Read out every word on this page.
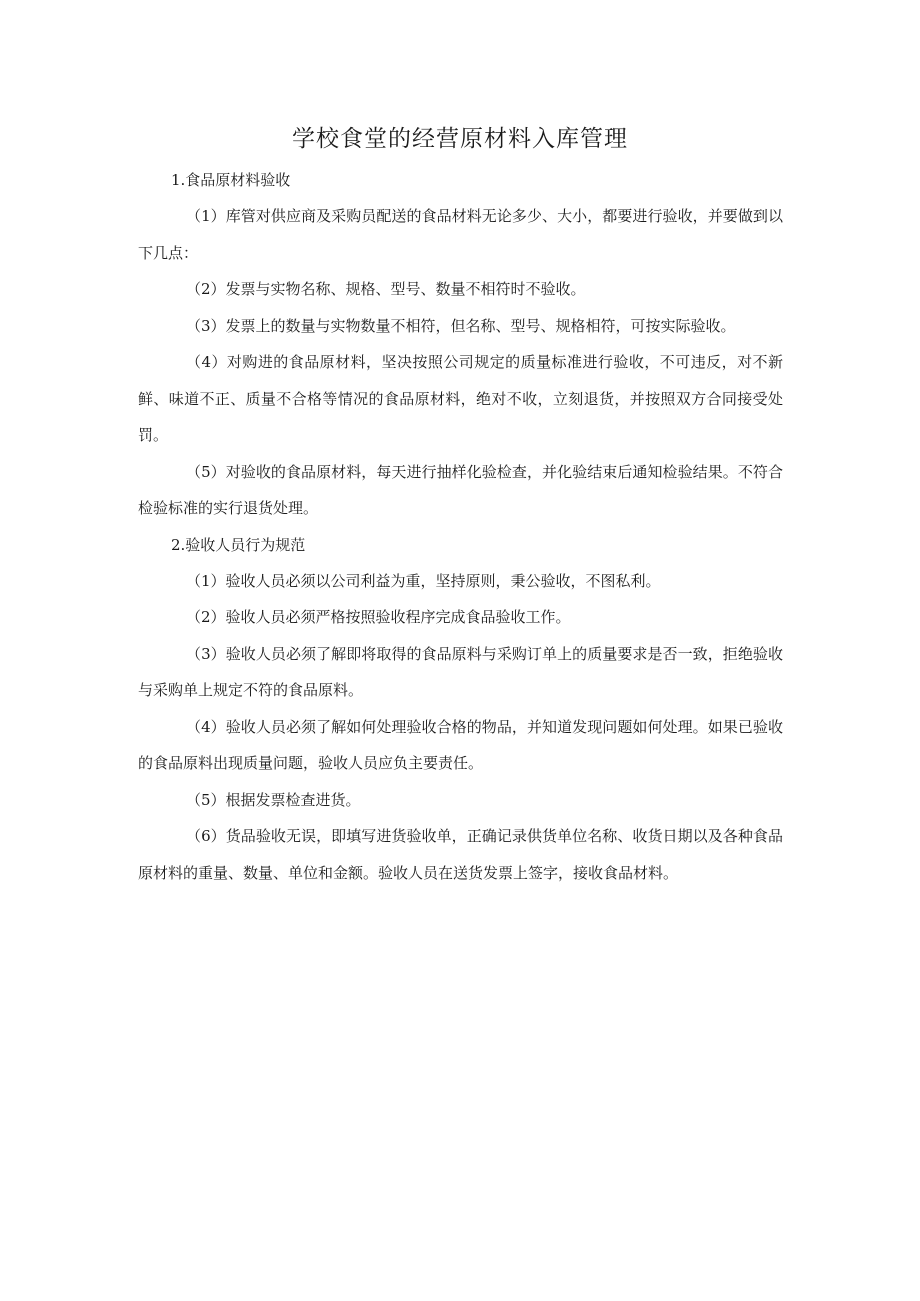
学校食堂的经营原材料入库管理
1.食品原材料验收

（1）库管对供应商及采购员配送的食品材料无论多少、大小，都要进行验收，并要做到以下几点：

（2）发票与实物名称、规格、型号、数量不相符时不验收。

（3）发票上的数量与实物数量不相符，但名称、型号、规格相符，可按实际验收。

（4）对购进的食品原材料，坚决按照公司规定的质量标准进行验收，不可违反，对不新鲜、味道不正、质量不合格等情况的食品原材料，绝对不收，立刻退货，并按照双方合同接受处罚。

（5）对验收的食品原材料，每天进行抽样化验检查，并化验结束后通知检验结果。不符合检验标准的实行退货处理。

2.验收人员行为规范

（1）验收人员必须以公司利益为重，坚持原则，秉公验收，不图私利。

（2）验收人员必须严格按照验收程序完成食品验收工作。

（3）验收人员必须了解即将取得的食品原料与采购订单上的质量要求是否一致，拒绝验收与采购单上规定不符的食品原料。

（4）验收人员必须了解如何处理验收合格的物品，并知道发现问题如何处理。如果已验收的食品原料出现质量问题，验收人员应负主要责任。

（5）根据发票检查进货。

（6）货品验收无误，即填写进货验收单，正确记录供货单位名称、收货日期以及各种食品原材料的重量、数量、单位和金额。验收人员在送货发票上签字，接收食品材料。
